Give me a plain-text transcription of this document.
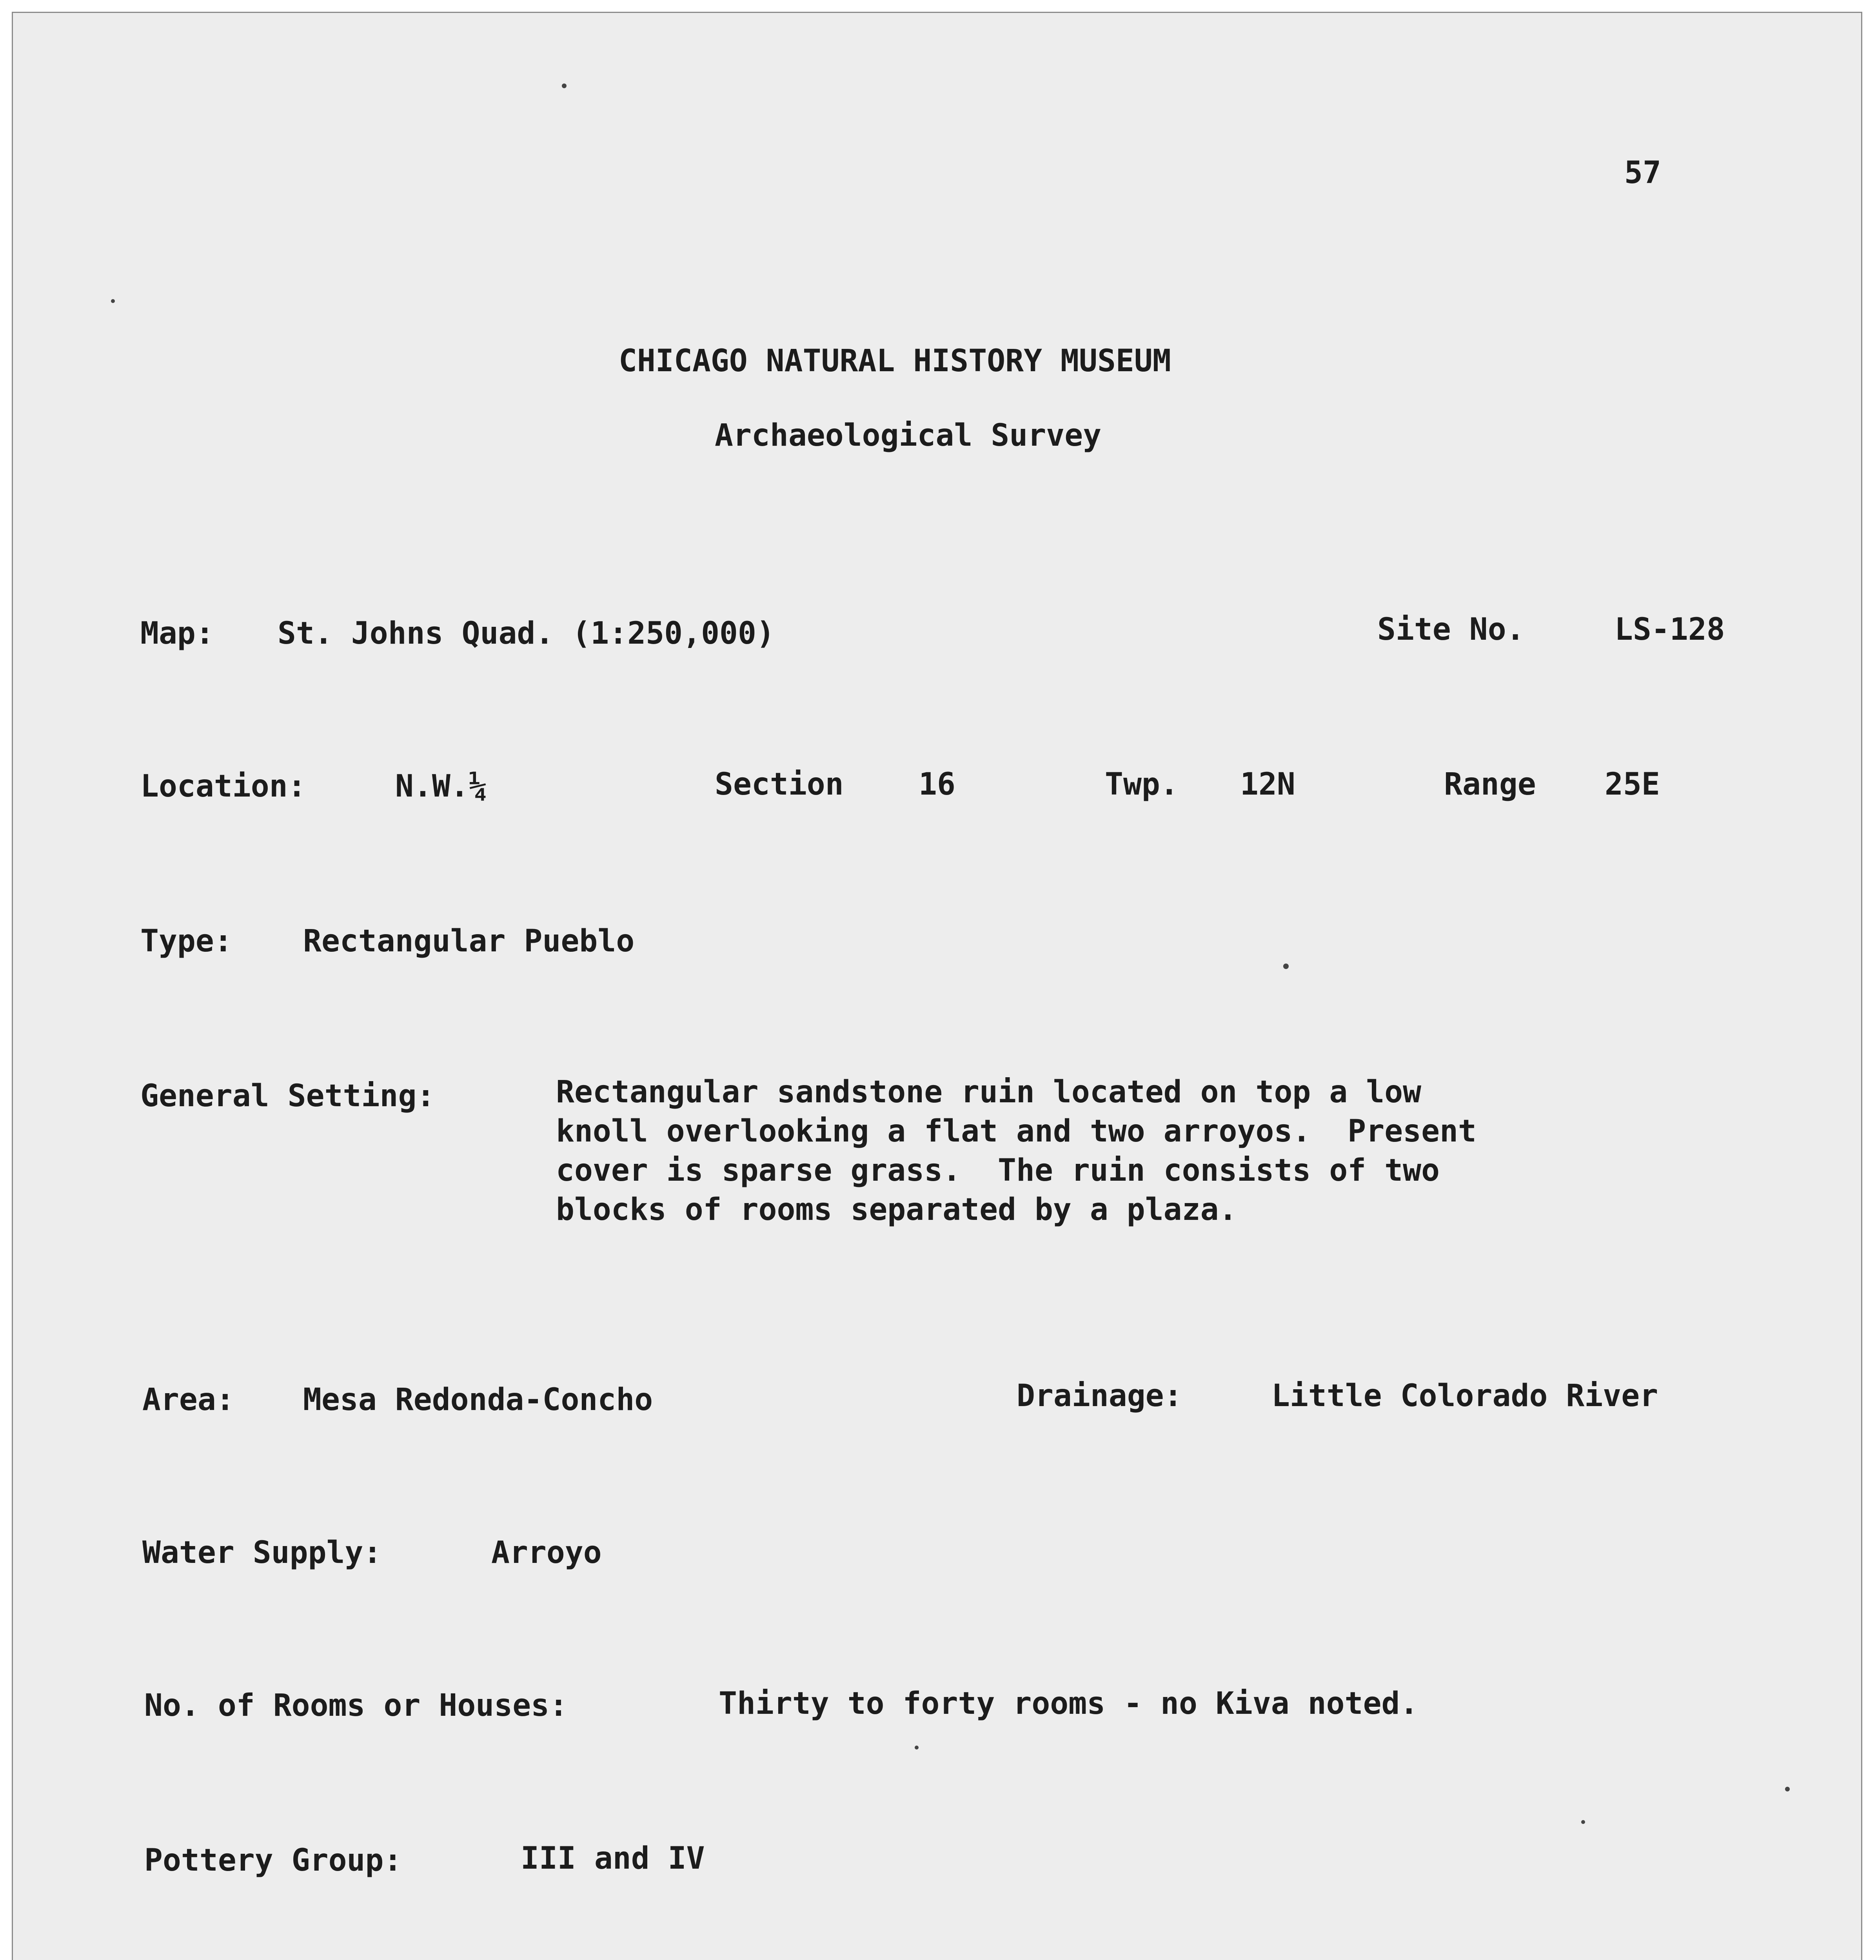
57
CHICAGO NATURAL HISTORY MUSEUM
Archaeological Survey
Map: St. Johns Quad. (1:250,000)	Site No.	LS-128
Location:	N.W.¼	Section 16	Twp. 12N	Range 25E
Type: Rectangular Pueblo
General Setting:	Rectangular sandstone ruin located on top a low
knoll overlooking a flat and two arroyos.  Present
cover is sparse grass.  The ruin consists of two
blocks of rooms separated by a plaza.
Area: Mesa Redonda-Concho	Drainage:	Little Colorado River
Water Supply:	Arroyo
No. of Rooms or Houses:	Thirty to forty rooms - no Kiva noted.
Pottery Group:	III and IV
